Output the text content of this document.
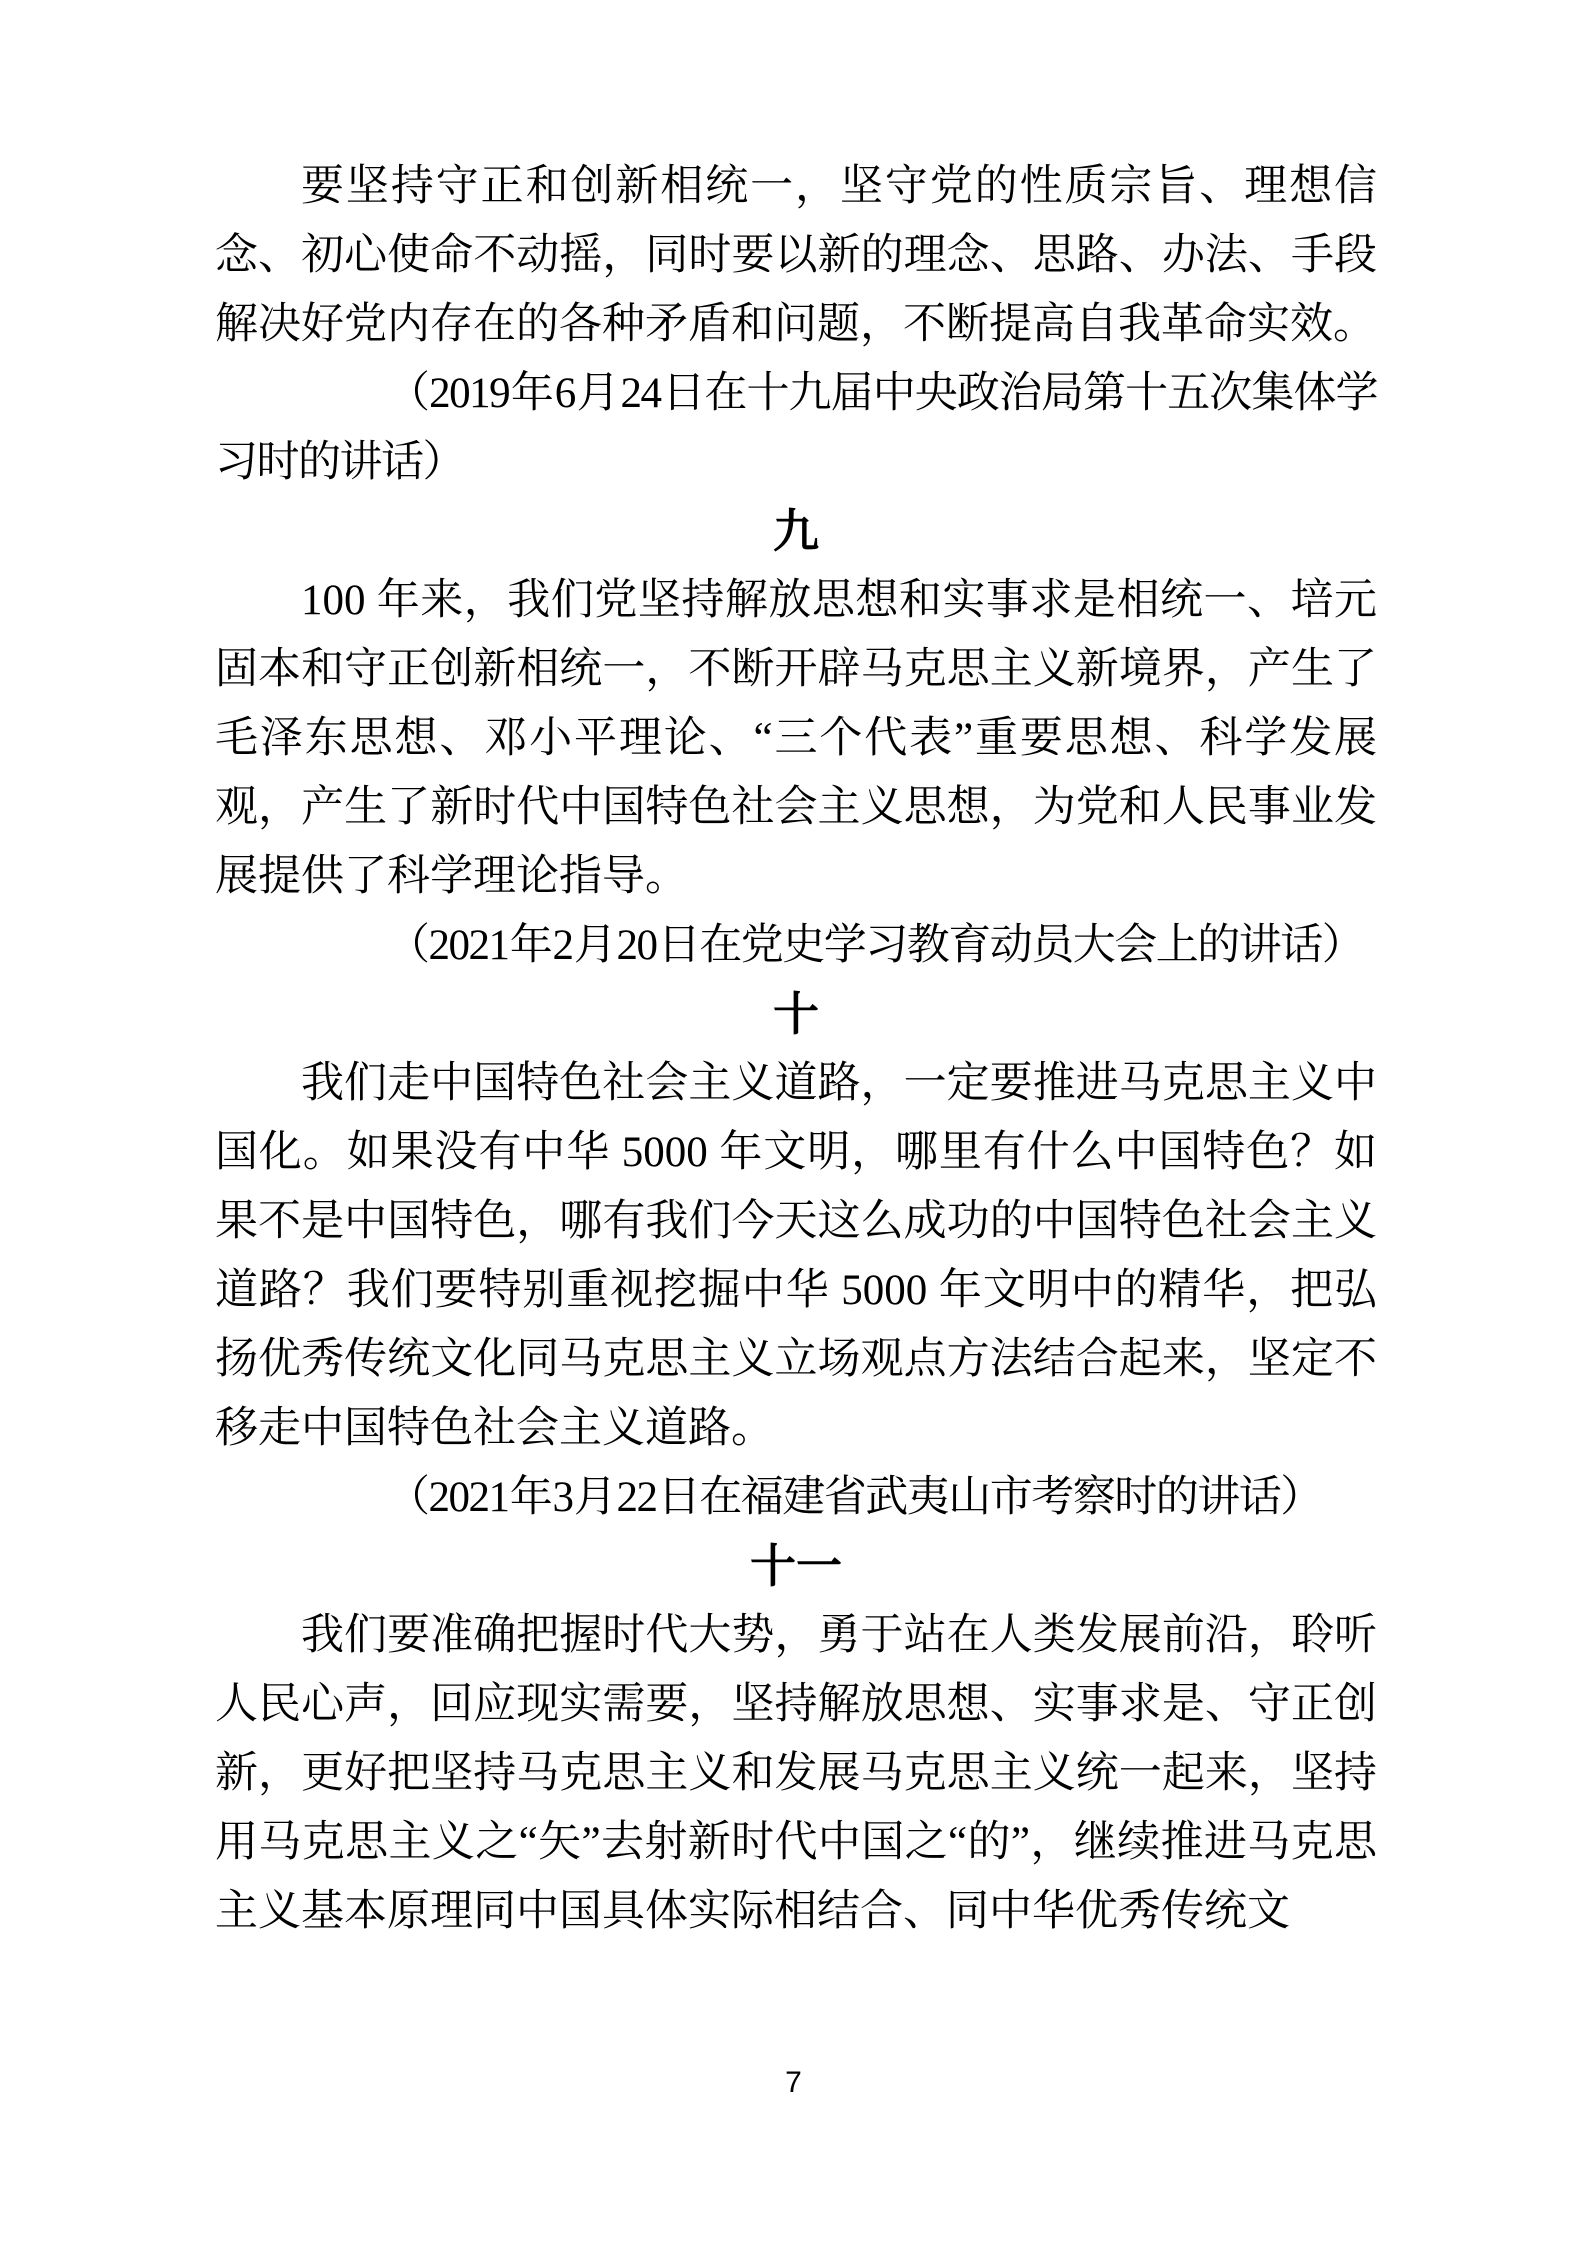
要坚持守正和创新相统一，坚守党的性质宗旨、理想信念、初心使命不动摇，同时要以新的理念、思路、办法、手段解决好党内存在的各种矛盾和问题，不断提高自我革命实效。

（2019 年 6 月 24 日在十九届中央政治局第十五次集体学习时的讲话）

九

100 年来，我们党坚持解放思想和实事求是相统一、培元固本和守正创新相统一，不断开辟马克思主义新境界，产生了毛泽东思想、邓小平理论、“三个代表”重要思想、科学发展观，产生了新时代中国特色社会主义思想，为党和人民事业发展提供了科学理论指导。

（2021 年 2 月 20 日在党史学习教育动员大会上的讲话）

十

我们走中国特色社会主义道路，一定要推进马克思主义中国化。如果没有中华 5000 年文明，哪里有什么中国特色？如果不是中国特色，哪有我们今天这么成功的中国特色社会主义道路？我们要特别重视挖掘中华 5000 年文明中的精华，把弘扬优秀传统文化同马克思主义立场观点方法结合起来，坚定不移走中国特色社会主义道路。

（2021 年 3 月 22 日在福建省武夷山市考察时的讲话）

十一

我们要准确把握时代大势，勇于站在人类发展前沿，聆听人民心声，回应现实需要，坚持解放思想、实事求是、守正创新，更好把坚持马克思主义和发展马克思主义统一起来，坚持用马克思主义之“矢”去射新时代中国之“的”，继续推进马克思主义基本原理同中国具体实际相结合、同中华优秀传统文

7
